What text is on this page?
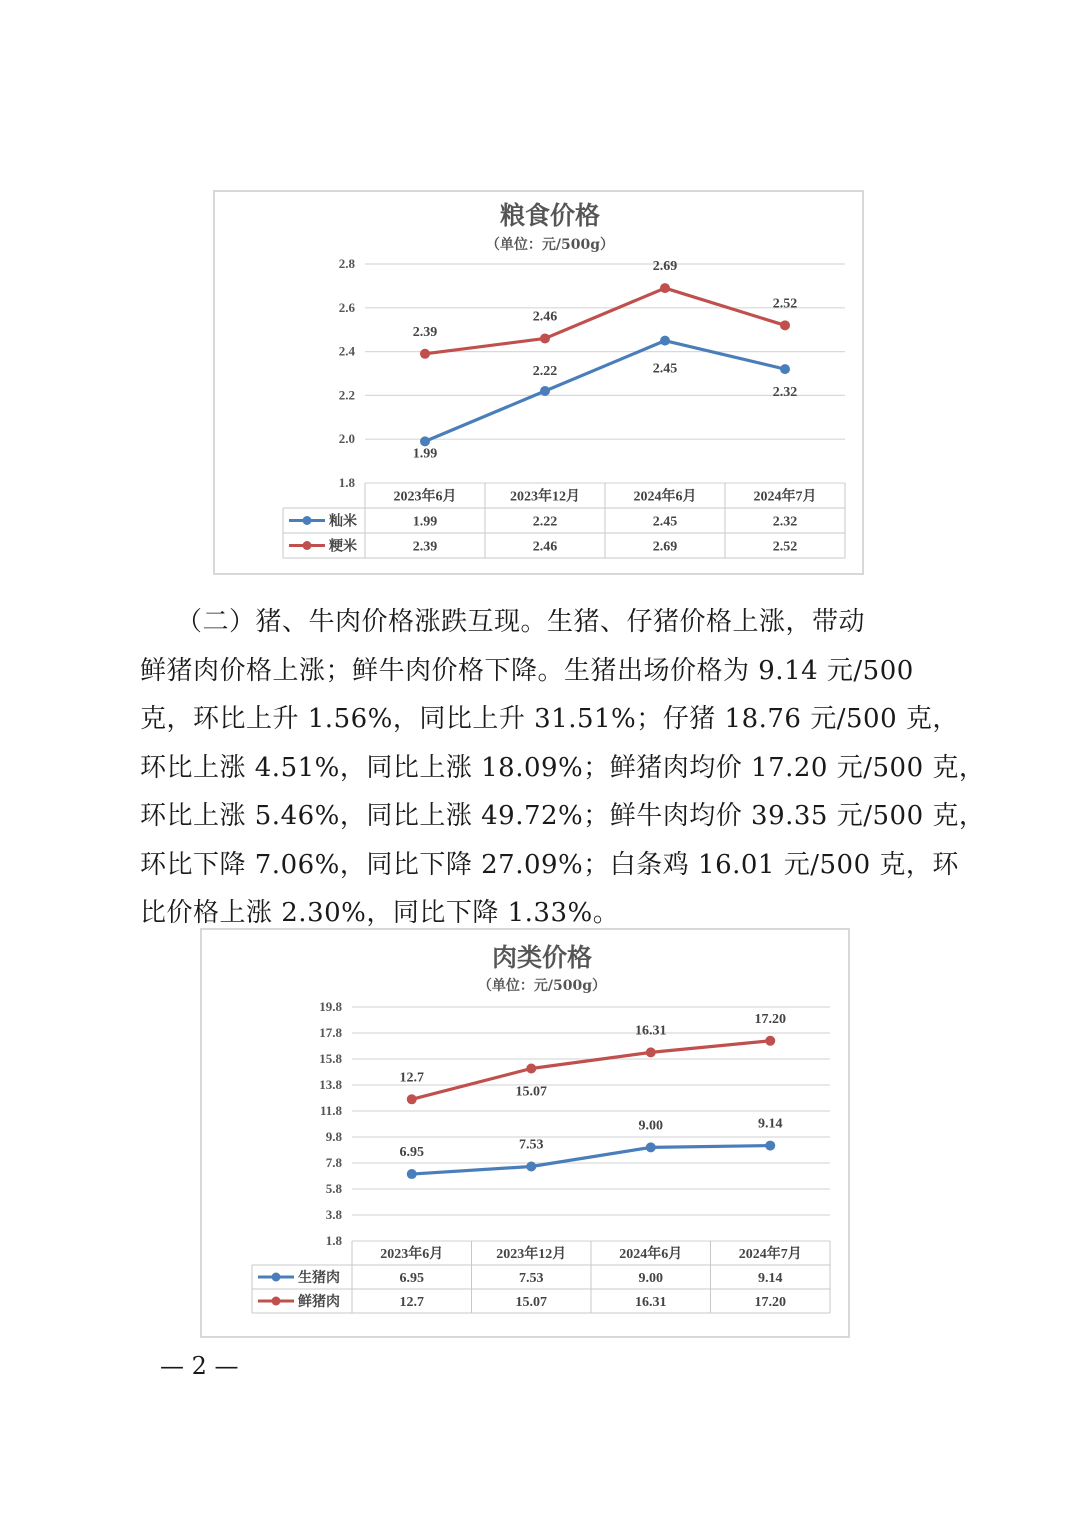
粮食价格
（单位：元/500g）
1.8
2.0
2.2
2.4
2.6
2.8
2023年6月	2023年12月	2024年6月	2024年7月
籼米	1.99	2.22	2.45	2.32
粳米	2.39	2.46	2.69	2.52
1.99
2.22	2.45
2.32
2.39
2.46
2.69
2.52
（二）猪、牛肉价格涨跌互现。生猪、仔猪价格上涨，带动
鲜猪肉价格上涨；鲜牛肉价格下降。生猪出场价格为 9.14 元/500
克，环比上升 1.56%，同比上升 31.51%；仔猪 18.76 元/500 克，
环比上涨 4.51%，同比上涨 18.09%；鲜猪肉均价 17.20 元/500 克，
环比上涨 5.46%，同比上涨 49.72%；鲜牛肉均价 39.35 元/500 克，
环比下降 7.06%，同比下降 27.09%；白条鸡 16.01 元/500 克，环
比价格上涨 2.30%，同比下降 1.33%。
肉类价格
（单位：元/500g）
1.8
3.8
5.8
7.8
9.8
11.8
13.8
15.8
17.8
19.8
2023年6月	2023年12月	2024年6月	2024年7月
生猪肉	6.95	7.53	9.00	9.14
鲜猪肉	12.7	15.07	16.31	17.20
6.95
7.53
9.00	9.14
12.7
15.07
16.31
17.20
— 2 —
